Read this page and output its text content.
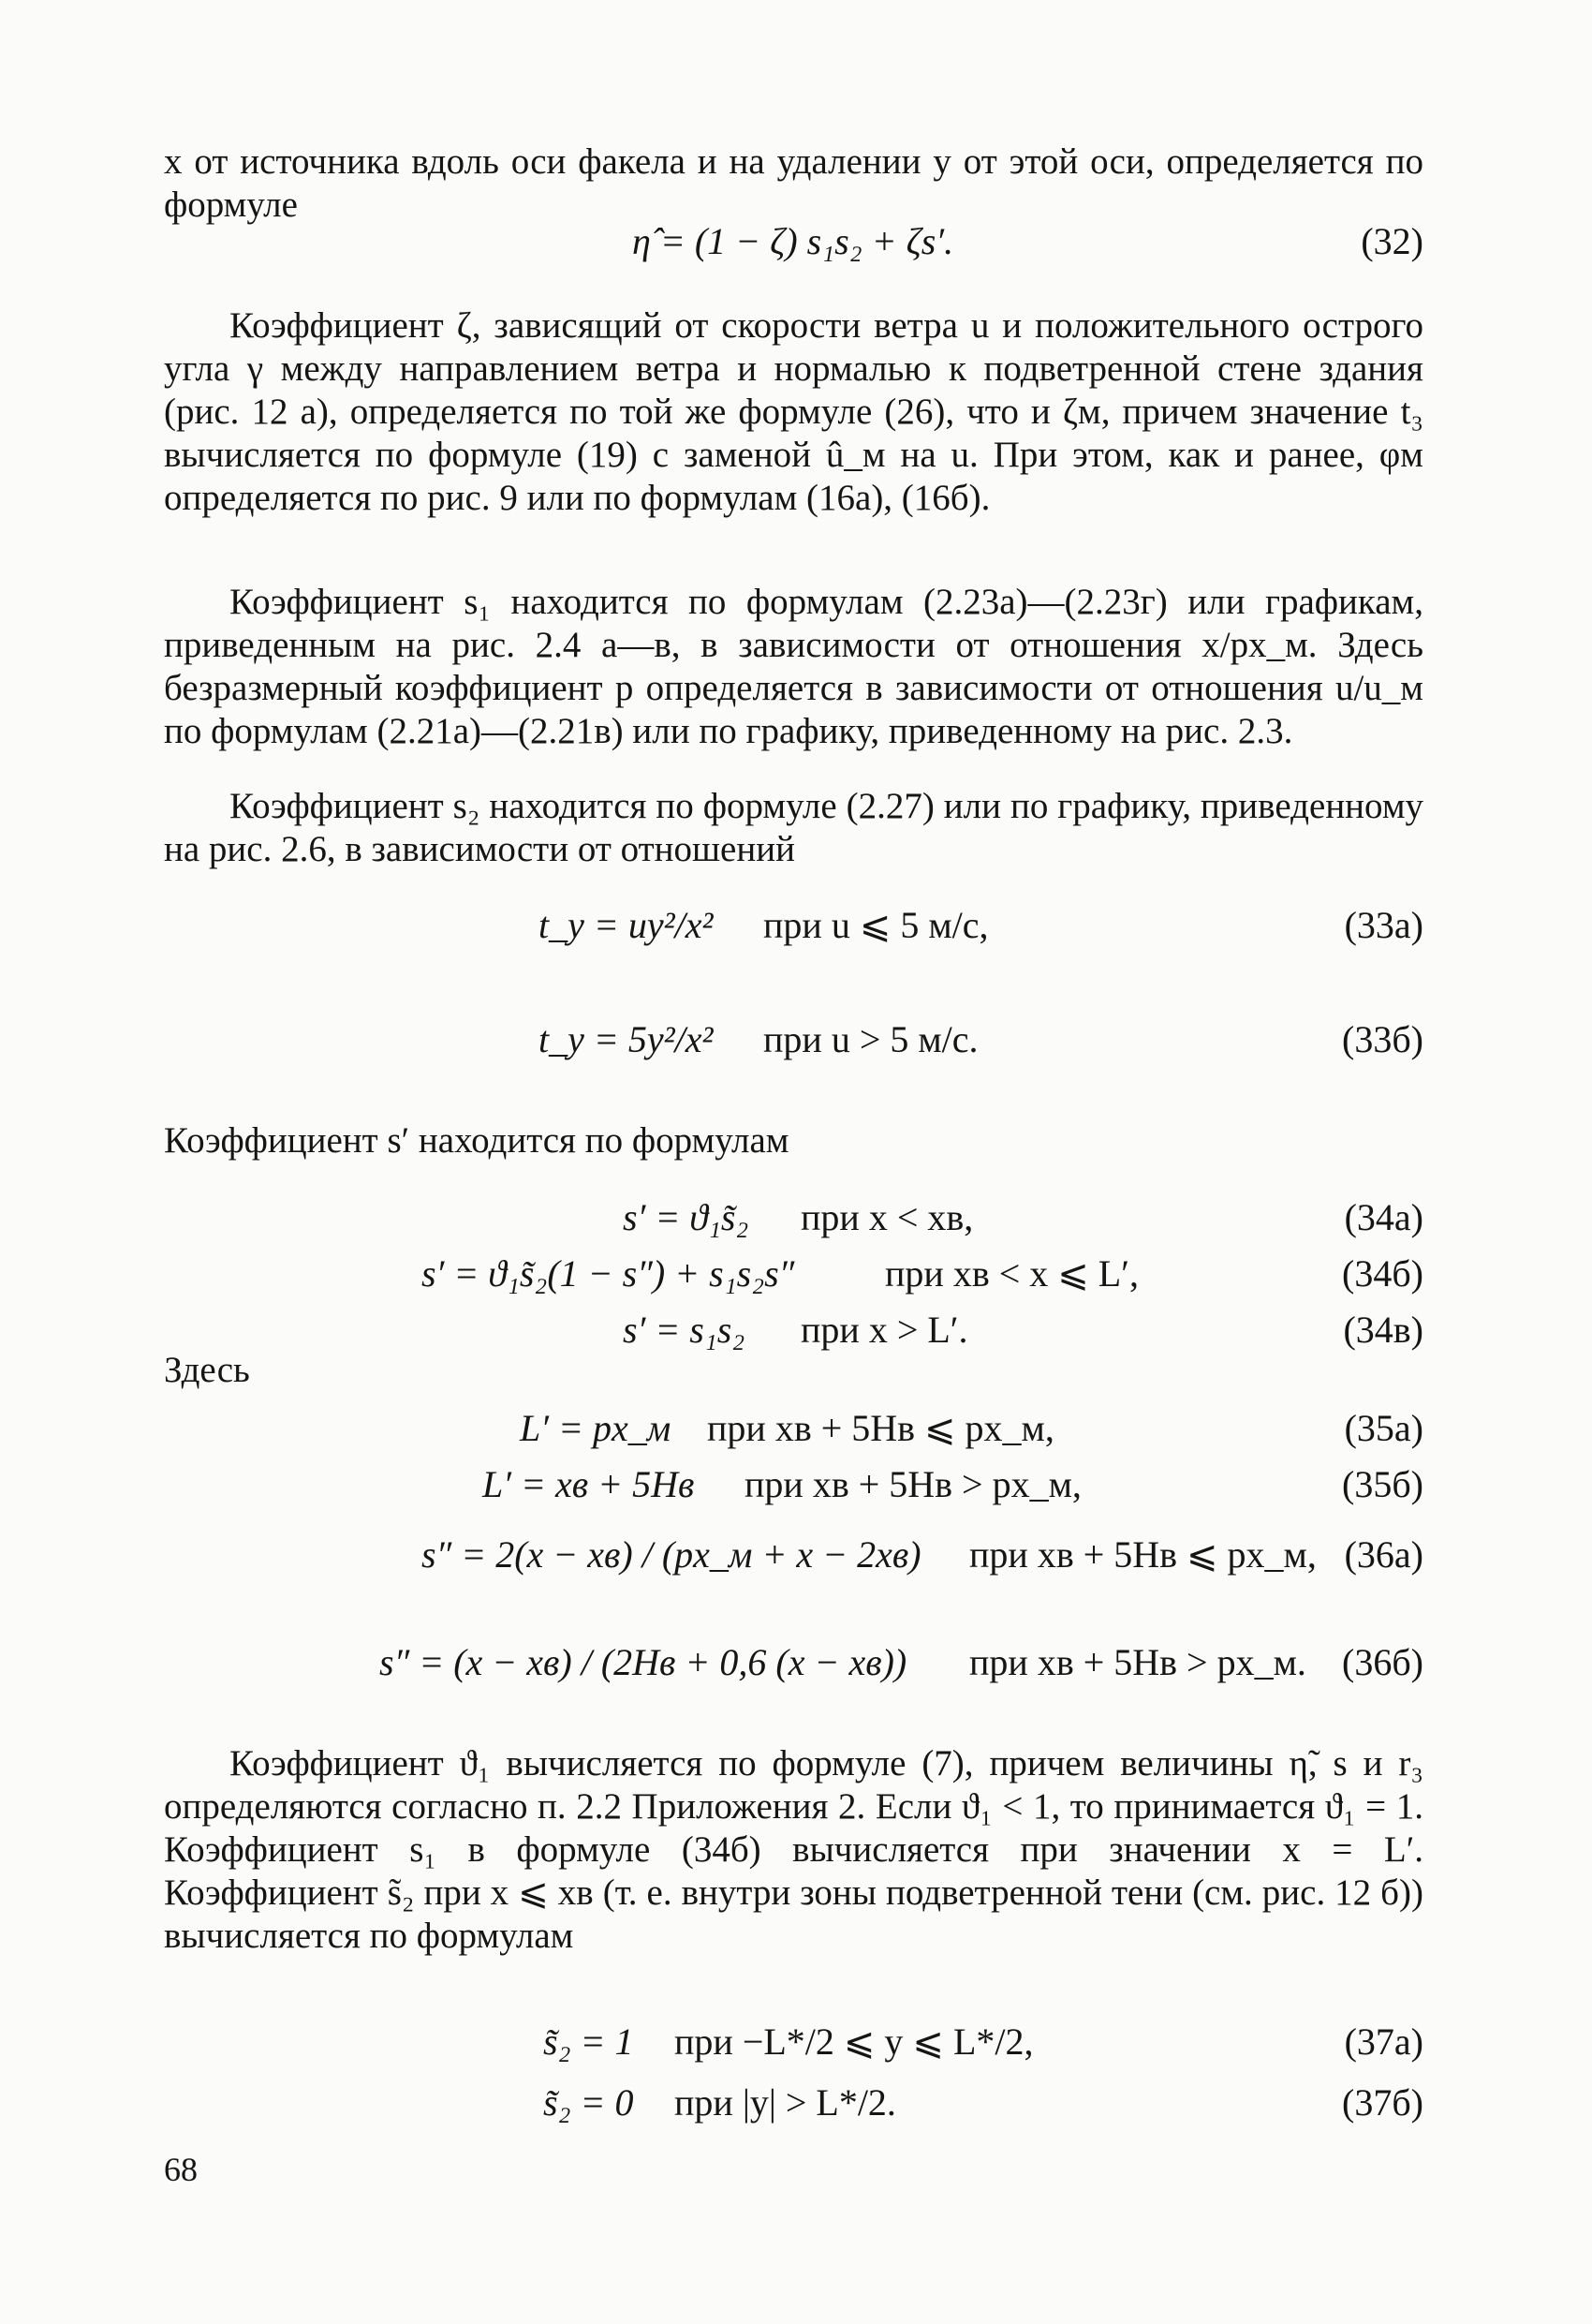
x от источника вдоль оси факела и на удалении y от этой оси, определяется по формуле

η̂ = (1 − ζ) s₁s₂ + ζs′.	(32)

Коэффициент ζ, зависящий от скорости ветра u и положительного острого угла γ между направлением ветра и нормалью к подветренной стене здания (рис. 12 а), определяется по той же формуле (26), что и ζм, причем значение t₃ вычисляется по формуле (19) с заменой û_м на u. При этом, как и ранее, φм определяется по рис. 9 или по формулам (16а), (16б).

Коэффициент s₁ находится по формулам (2.23а)—(2.23г) или графикам, приведенным на рис. 2.4 а—в, в зависимости от отношения x/px_м. Здесь безразмерный коэффициент p определяется в зависимости от отношения u/u_м по формулам (2.21а)—(2.21в) или по графику, приведенному на рис. 2.3.

Коэффициент s₂ находится по формуле (2.27) или по графику, приведенному на рис. 2.6, в зависимости от отношений

t_y = uy²/x² при u ⩽ 5 м/с,	(33а)
t_y = 5y²/x² при u > 5 м/с.	(33б)

Коэффициент s′ находится по формулам

s′ = ϑ₁s̃₂ при x < xв,	(34а)
s′ = ϑ₁s̃₂(1 − s″) + s₁s₂s″ при xв < x ⩽ L′,	(34б)
s′ = s₁s₂ при x > L′.	(34в)
Здесь
L′ = px_м при xв + 5Hв ⩽ px_м,	(35а)
L′ = xв + 5Hв при xв + 5Hв > px_м,	(35б)
s″ = 2(x − xв) / (px_м + x − 2xв) при xв + 5Hв ⩽ px_м, (36а)
s″ = (x − xв) / (2Hв + 0,6 (x − xв)) при xв + 5Hв > px_м. (36б)

Коэффициент ϑ₁ вычисляется по формуле (7), причем величины η̃, s и r₃ определяются согласно п. 2.2 Приложения 2. Если ϑ₁ < 1, то принимается ϑ₁ = 1. Коэффициент s₁ в формуле (34б) вычисляется при значении x = L′. Коэффициент s̃₂ при x ⩽ xв (т. е. внутри зоны подветренной тени (см. рис. 12 б)) вычисляется по формулам

s̃₂ = 1 при −L*/2 ⩽ y ⩽ L*/2,	(37а)
s̃₂ = 0 при |y| > L*/2.	(37б)
68
